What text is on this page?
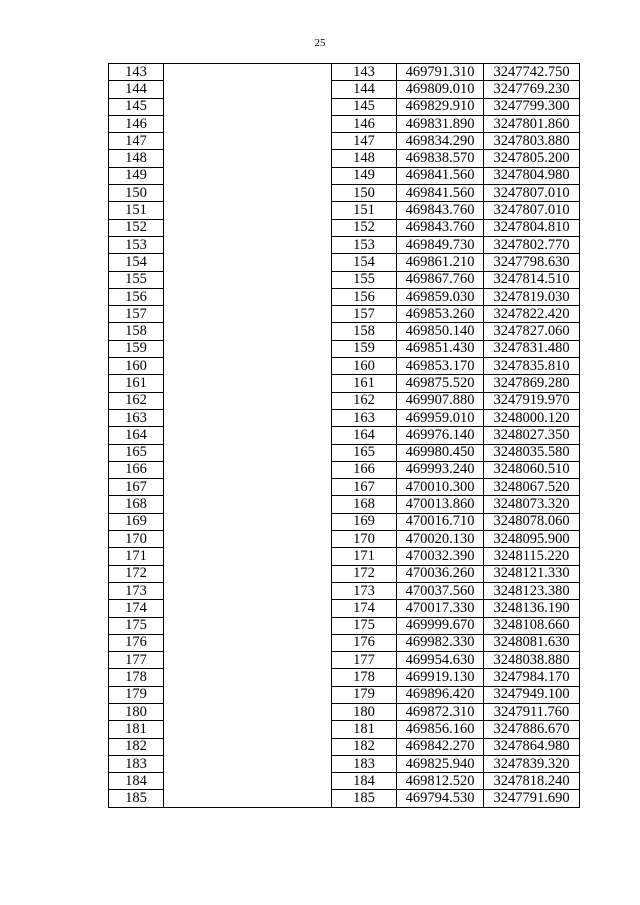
25
143		143	469791.310	3247742.750
144		144	469809.010	3247769.230
145		145	469829.910	3247799.300
146		146	469831.890	3247801.860
147		147	469834.290	3247803.880
148		148	469838.570	3247805.200
149		149	469841.560	3247804.980
150		150	469841.560	3247807.010
151		151	469843.760	3247807.010
152		152	469843.760	3247804.810
153		153	469849.730	3247802.770
154		154	469861.210	3247798.630
155		155	469867.760	3247814.510
156		156	469859.030	3247819.030
157		157	469853.260	3247822.420
158		158	469850.140	3247827.060
159		159	469851.430	3247831.480
160		160	469853.170	3247835.810
161		161	469875.520	3247869.280
162		162	469907.880	3247919.970
163		163	469959.010	3248000.120
164		164	469976.140	3248027.350
165		165	469980.450	3248035.580
166		166	469993.240	3248060.510
167		167	470010.300	3248067.520
168		168	470013.860	3248073.320
169		169	470016.710	3248078.060
170		170	470020.130	3248095.900
171		171	470032.390	3248115.220
172		172	470036.260	3248121.330
173		173	470037.560	3248123.380
174		174	470017.330	3248136.190
175		175	469999.670	3248108.660
176		176	469982.330	3248081.630
177		177	469954.630	3248038.880
178		178	469919.130	3247984.170
179		179	469896.420	3247949.100
180		180	469872.310	3247911.760
181		181	469856.160	3247886.670
182		182	469842.270	3247864.980
183		183	469825.940	3247839.320
184		184	469812.520	3247818.240
185		185	469794.530	3247791.690
